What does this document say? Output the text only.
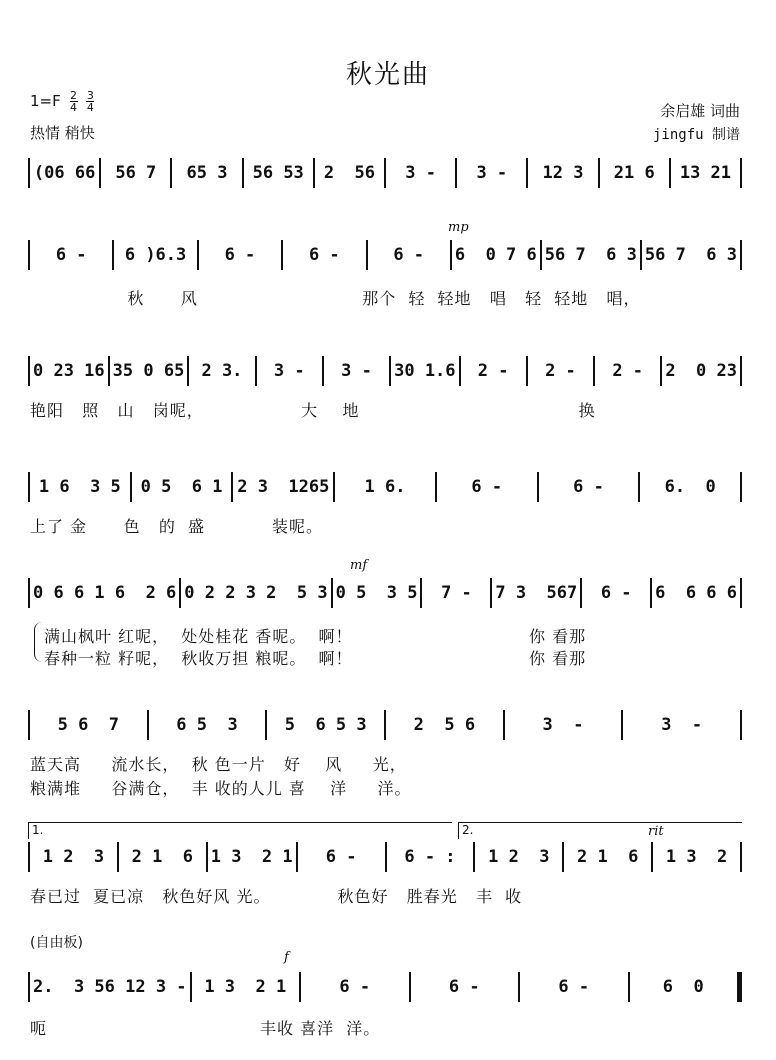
秋光曲
$1=F \frac{2}{4}$
$\frac{3}{4}$
热情 稍快
余启雄 词曲
jingfu 制谱
(06 66	56 7	65 3	56 53	2  56	3 -	3 -	12 3	21 6	13 21
6 -	6 )6.3	6 -	6 -	6 -	6  0 7 6 56 7  6 3 56 7  6 3
秋      风                           那个  轻  轻地   唱   轻  轻地   唱，
mp
0 23 16 35 0 65	2 3.	3 -	3 -	30 1.6	2 -	2 -	2 -	2  0 23
艳阳   照   山   岗呢，                大    地                                    换
1 6  3 5	0 5  6 1 2 3  1265	1 6.	6 -	6 -	6.  0
上了 金      色   的  盛           装呢。
mf
0 6 6 1 6  2 6 0 2 2 3 2  5 3 0 5  3 5	7 -	7 3  567	6 -	6  6 6 6
满山枫叶 红呢，  处处桂花 香呢。  啊！                             你 看那
春种一粒 籽呢，  秋收万担 粮呢。  啊！                             你 看那
5 6  7	6 5  3	5  6 5 3	2  5 6	3  -	3  -
蓝天高     流水长，  秋 色一片   好    风     光，
粮满堆     谷满仓，  丰 收的人儿 喜    洋     洋。
1.	2.	rit
1 2  3	2 1  6	1 3  2 1	6 -	6 - :	1 2  3	2 1  6	1 3  2
春已过  夏已凉   秋色好风 光。           秋色好   胜春光   丰  收
(自由板)
f
2.  3 56 12 3 -	1 3  2 1	6 -	6 -	6 -	6  0
呃                                   丰收 喜洋  洋。
